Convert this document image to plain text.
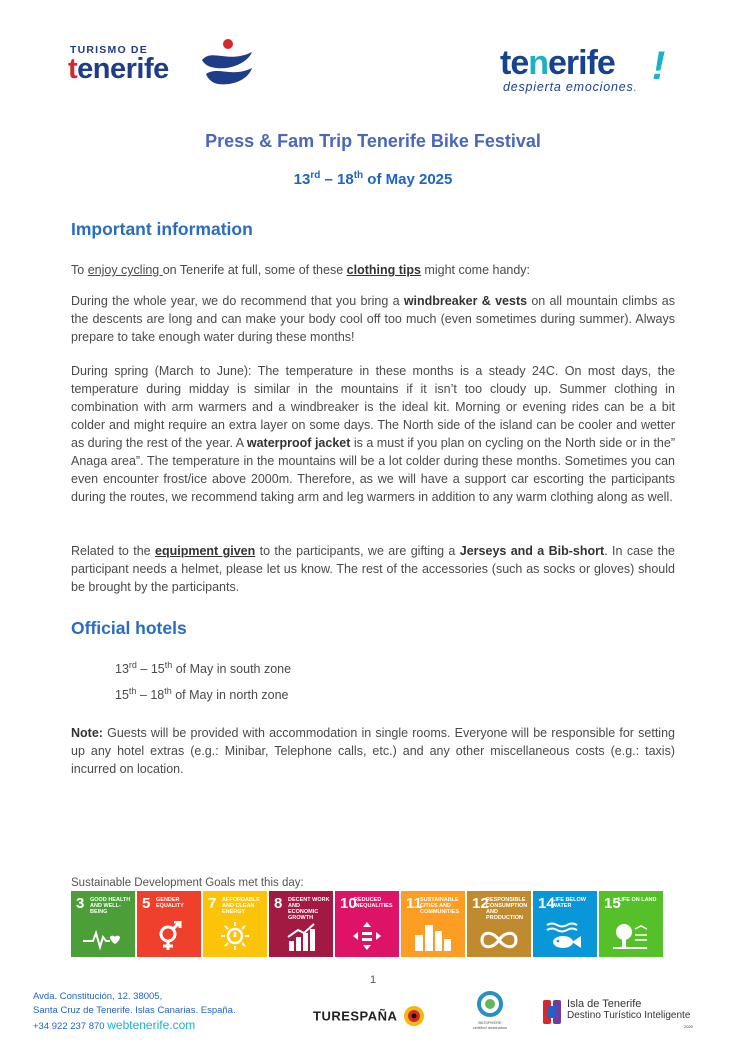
TURISMO DE
tenerife	tenerife !
despierta emociones.
Press & Fam Trip Tenerife Bike Festival
13rd – 18th of May 2025
Important information
To enjoy cycling on Tenerife at full, some of these clothing tips might come handy:
During the whole year, we do recommend that you bring a windbreaker & vests on all mountain climbs as the descents are long and can make your body cool off too much (even sometimes during summer). Always prepare to take enough water during these months!
During spring (March to June): The temperature in these months is a steady 24C. On most days, the temperature during midday is similar in the mountains if it isn’t too cloudy up. Summer clothing in combination with arm warmers and a windbreaker is the ideal kit. Morning or evening rides can be a bit colder and might require an extra layer on some days. The North side of the island can be cooler and wetter as during the rest of the year. A waterproof jacket is a must if you plan on cycling on the North side or in the” Anaga area”. The temperature in the mountains will be a lot colder during these months. Sometimes you can even encounter frost/ice above 2000m. Therefore, as we will have a support car escorting the participants during the routes, we recommend taking arm and leg warmers in addition to any warm clothing along as well.
Related to the equipment given to the participants, we are gifting a Jerseys and a Bib-short. In case the participant needs a helmet, please let us know. The rest of the accessories (such as socks or gloves) should be brought by the participants.
Official hotels
13rd – 15th of May in south zone
15th – 18th of May in north zone
Note: Guests will be provided with accommodation in single rooms. Everyone will be responsible for setting up any hotel extras (e.g.: Minibar, Telephone calls, etc.) and any other miscellaneous costs (e.g.: taxis) incurred on location.
Sustainable Development Goals met this day:
3 GOOD HEALTH AND WELL-BEING	5 GENDER EQUALITY	7 AFFORDABLE AND CLEAN ENERGY	8 DECENT WORK AND ECONOMIC GROWTH
10
REDUCED INEQUALITIES 11
SUSTAINABLE CITIES AND COMMUNITIES 12
RESPONSIBLE CONSUMPTION AND PRODUCTION
14
LIFE BELOW WATER	15
LIFE ON LAND
1
Avda. Constitución, 12. 38005,
Santa Cruz de Tenerife. Islas Canarias. España.
+34 922 237 870 webtenerife.com
TURESPAÑA	BIOSPHERE
certified destination
Isla de Tenerife
Destino Turístico Inteligente
2020
